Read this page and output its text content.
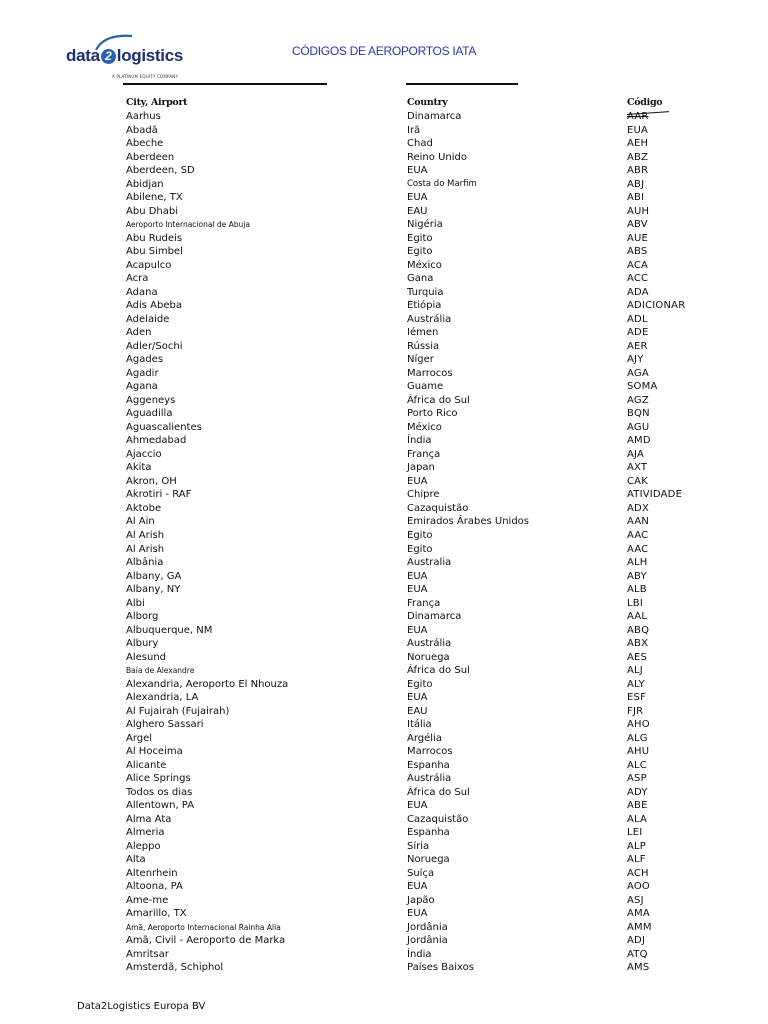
data 2 logistics
A PLATINUM EQUITY COMPANY
CÓDIGOS DE AEROPORTOS IATA
City, Airport	Country	Código
Aarhus	Dinamarca	AAR
Abadã	Irã	EUA
Abeche	Chad	AEH
Aberdeen	Reino Unido	ABZ
Aberdeen, SD	EUA	ABR
Abidjan	Costa do Marfim	ABJ
Abilene, TX	EUA	ABI
Abu Dhabi	EAU	AUH
Aeroporto Internacional de Abuja	Nigéria	ABV
Abu Rudeis	Egito	AUE
Abu Simbel	Egito	ABS
Acapulco	México	ACA
Acra	Gana	ACC
Adana	Turquia	ADA
Adis Abeba	Etiópia	ADICIONAR
Adelaide	Austrália	ADL
Aden	Iémen	ADE
Adler/Sochi	Rússia	AER
Agades	Níger	AJY
Agadir	Marrocos	AGA
Agana	Guame	SOMA
Aggeneys	África do Sul	AGZ
Aguadilla	Porto Rico	BQN
Aguascalientes	México	AGU
Ahmedabad	Índia	AMD
Ajaccio	França	AJA
Akita	Japan	AXT
Akron, OH	EUA	CAK
Akrotiri - RAF	Chipre	ATIVIDADE
Aktobe	Cazaquistão	ADX
Al Ain	Emirados Árabes Unidos	AAN
Al Arish	Egito	AAC
Al Arish	Egito	AAC
Albânia	Australia	ALH
Albany, GA	EUA	ABY
Albany, NY	EUA	ALB
Albi	França	LBI
Alborg	Dinamarca	AAL
Albuquerque, NM	EUA	ABQ
Albury	Austrália	ABX
Alesund	Noruega	AES
Baía de Alexandre	África do Sul	ALJ
Alexandria, Aeroporto El Nhouza	Egito	ALY
Alexandria, LA	EUA	ESF
Al Fujairah (Fujairah)	EAU	FJR
Alghero Sassari	Itália	AHO
Argel	Argélia	ALG
Al Hoceima	Marrocos	AHU
Alicante	Espanha	ALC
Alice Springs	Austrália	ASP
Todos os dias	África do Sul	ADY
Allentown, PA	EUA	ABE
Alma Ata	Cazaquistão	ALA
Almeria	Espanha	LEI
Aleppo	Síria	ALP
Alta	Noruega	ALF
Altenrhein	Suíça	ACH
Altoona, PA	EUA	AOO
Ame-me	Japão	ASJ
Amarillo, TX	EUA	AMA
Amã, Aeroporto Internacional Rainha Alia	Jordânia	AMM
Amã, Civil - Aeroporto de Marka	Jordânia	ADJ
Amritsar	Índia	ATQ
Amsterdã, Schiphol	Países Baixos	AMS
Data2Logistics Europa BV
